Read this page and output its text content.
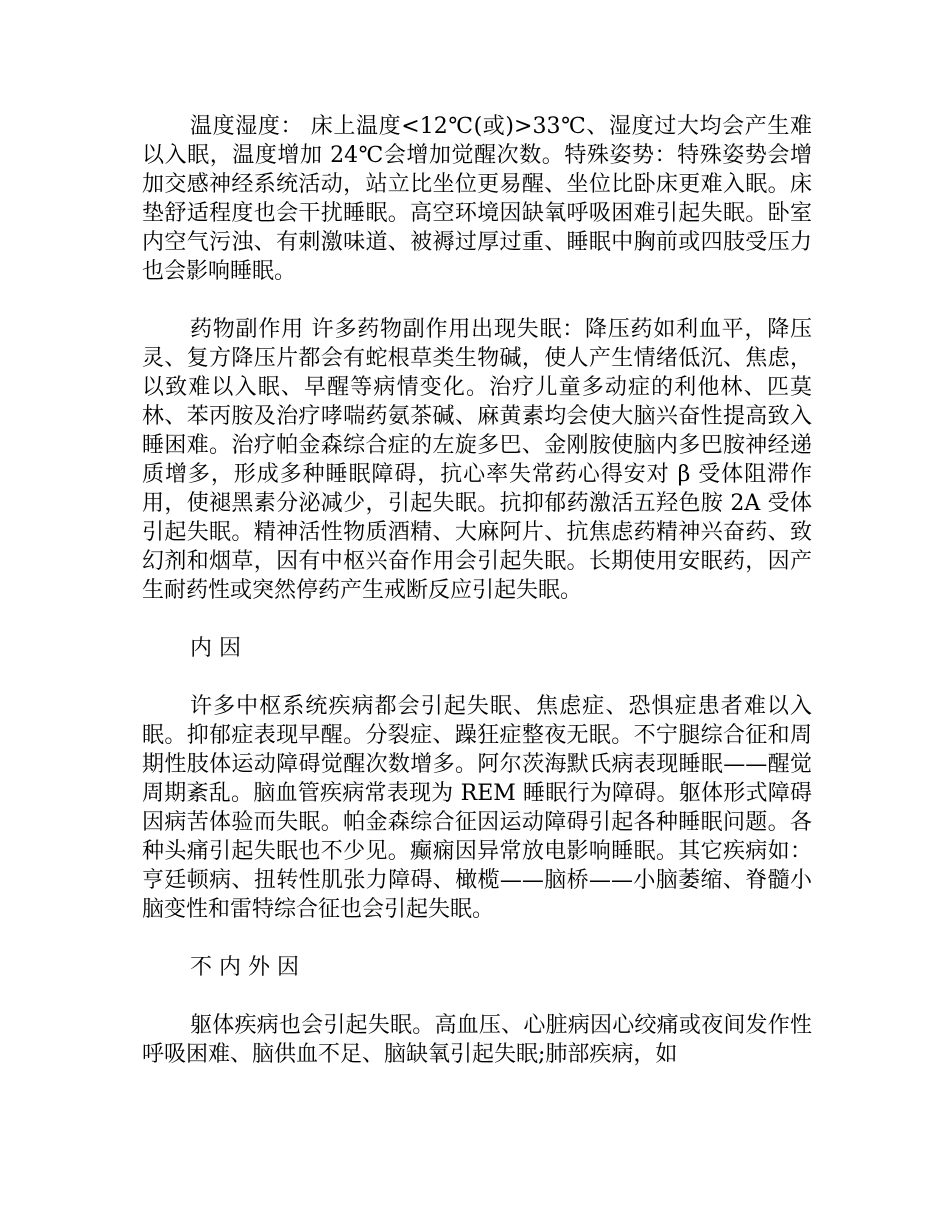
温度湿度： 床上温度<12℃(或)>33℃、湿度过大均会产生难以入眠，温度增加 24℃会增加觉醒次数。特殊姿势：特殊姿势会增加交感神经系统活动，站立比坐位更易醒、坐位比卧床更难入眠。床垫舒适程度也会干扰睡眠。高空环境因缺氧呼吸困难引起失眠。卧室内空气污浊、有刺激味道、被褥过厚过重、睡眠中胸前或四肢受压力也会影响睡眠。

药物副作用 许多药物副作用出现失眠：降压药如利血平，降压灵、复方降压片都会有蛇根草类生物碱，使人产生情绪低沉、焦虑，以致难以入眠、早醒等病情变化。治疗儿童多动症的利他林、匹莫林、苯丙胺及治疗哮喘药氨茶碱、麻黄素均会使大脑兴奋性提高致入睡困难。治疗帕金森综合症的左旋多巴、金刚胺使脑内多巴胺神经递质增多，形成多种睡眠障碍，抗心率失常药心得安对 β 受体阻滞作用，使褪黑素分泌减少，引起失眠。抗抑郁药激活五羟色胺 2A 受体引起失眠。精神活性物质酒精、大麻阿片、抗焦虑药精神兴奋药、致幻剂和烟草，因有中枢兴奋作用会引起失眠。长期使用安眠药，因产生耐药性或突然停药产生戒断反应引起失眠。

内 因

许多中枢系统疾病都会引起失眠、焦虑症、恐惧症患者难以入眠。抑郁症表现早醒。分裂症、躁狂症整夜无眠。不宁腿综合征和周期性肢体运动障碍觉醒次数增多。阿尔茨海默氏病表现睡眠——醒觉周期紊乱。脑血管疾病常表现为 REM 睡眠行为障碍。躯体形式障碍因病苦体验而失眠。帕金森综合征因运动障碍引起各种睡眠问题。各种头痛引起失眠也不少见。癫痫因异常放电影响睡眠。其它疾病如：亨廷顿病、扭转性肌张力障碍、橄榄——脑桥——小脑萎缩、脊髓小脑变性和雷特综合征也会引起失眠。

不 内 外 因

躯体疾病也会引起失眠。高血压、心脏病因心绞痛或夜间发作性呼吸困难、脑供血不足、脑缺氧引起失眠;肺部疾病，如
